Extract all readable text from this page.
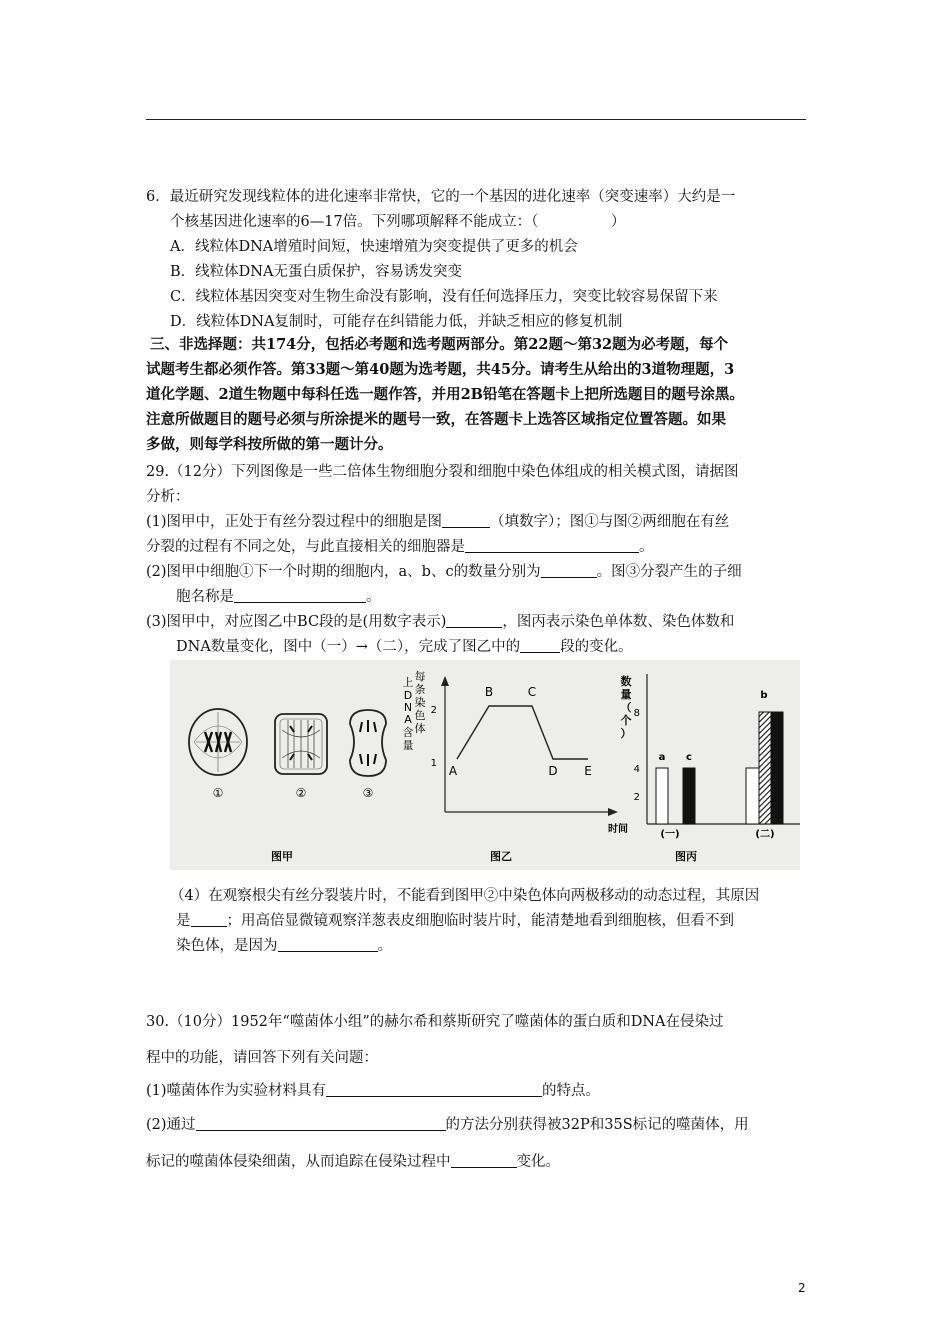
6．最近研究发现线粒体的进化速率非常快，它的一个基因的进化速率（突变速率）大约是一
个核基因进化速率的6—17倍。下列哪项解释不能成立：（　　　　　）
A．线粒体DNA增殖时间短，快速增殖为突变提供了更多的机会
B．线粒体DNA无蛋白质保护，容易诱发突变
C．线粒体基因突变对生物生命没有影响，没有任何选择压力，突变比较容易保留下来
D．线粒体DNA复制时，可能存在纠错能力低，并缺乏相应的修复机制
三、非选择题：共174分，包括必考题和选考题两部分。第22题～第32题为必考题，每个
试题考生都必须作答。第33题～第40题为选考题，共45分。请考生从给出的3道物理题，3
道化学题、2道生物题中每科任选一题作答，并用2B铅笔在答题卡上把所选题目的题号涂黑。
注意所做题目的题号必须与所涂提米的题号一致，在答题卡上选答区域指定位置答题。如果
多做，则每学科按所做的第一题计分。
29.（12分）下列图像是一些二倍体生物细胞分裂和细胞中染色体组成的相关模式图，请据图
分析：
(1)图甲中，正处于有丝分裂过程中的细胞是图	（填数字）；图①与图②两细胞在有丝
分裂的过程有不同之处，与此直接相关的细胞器是	。
(2)图甲中细胞①下一个时期的细胞内，a、b、c的数量分别为	。图③分裂产生的子细
胞名称是	。
(3)图甲中，对应图乙中BC段的是(用数字表示)	，图丙表示染色单体数、染色体数和
DNA数量变化，图中（一）→（二），完成了图乙中的	段的变化。
①	②	③
图甲
每
条
染
色
体
上
D
N
A
含
量
2
1
A
B	C
D E
图乙
数
量
（
个
）
时间
2
4
8
a c
b
(一)	(二)
图丙
（4）在观察根尖有丝分裂装片时，不能看到图甲②中染色体向两极移动的动态过程，其原因
是 ；用高倍显微镜观察洋葱表皮细胞临时装片时，能清楚地看到细胞核，但看不到
染色体，是因为	。
30.（10分）1952年“噬菌体小组”的赫尔希和蔡斯研究了噬菌体的蛋白质和DNA在侵染过
程中的功能，请回答下列有关问题：
(1)噬菌体作为实验材料具有	的特点。
(2)通过	的方法分别获得被32P和35S标记的噬菌体，用
标记的噬菌体侵染细菌，从而追踪在侵染过程中	变化。
2
